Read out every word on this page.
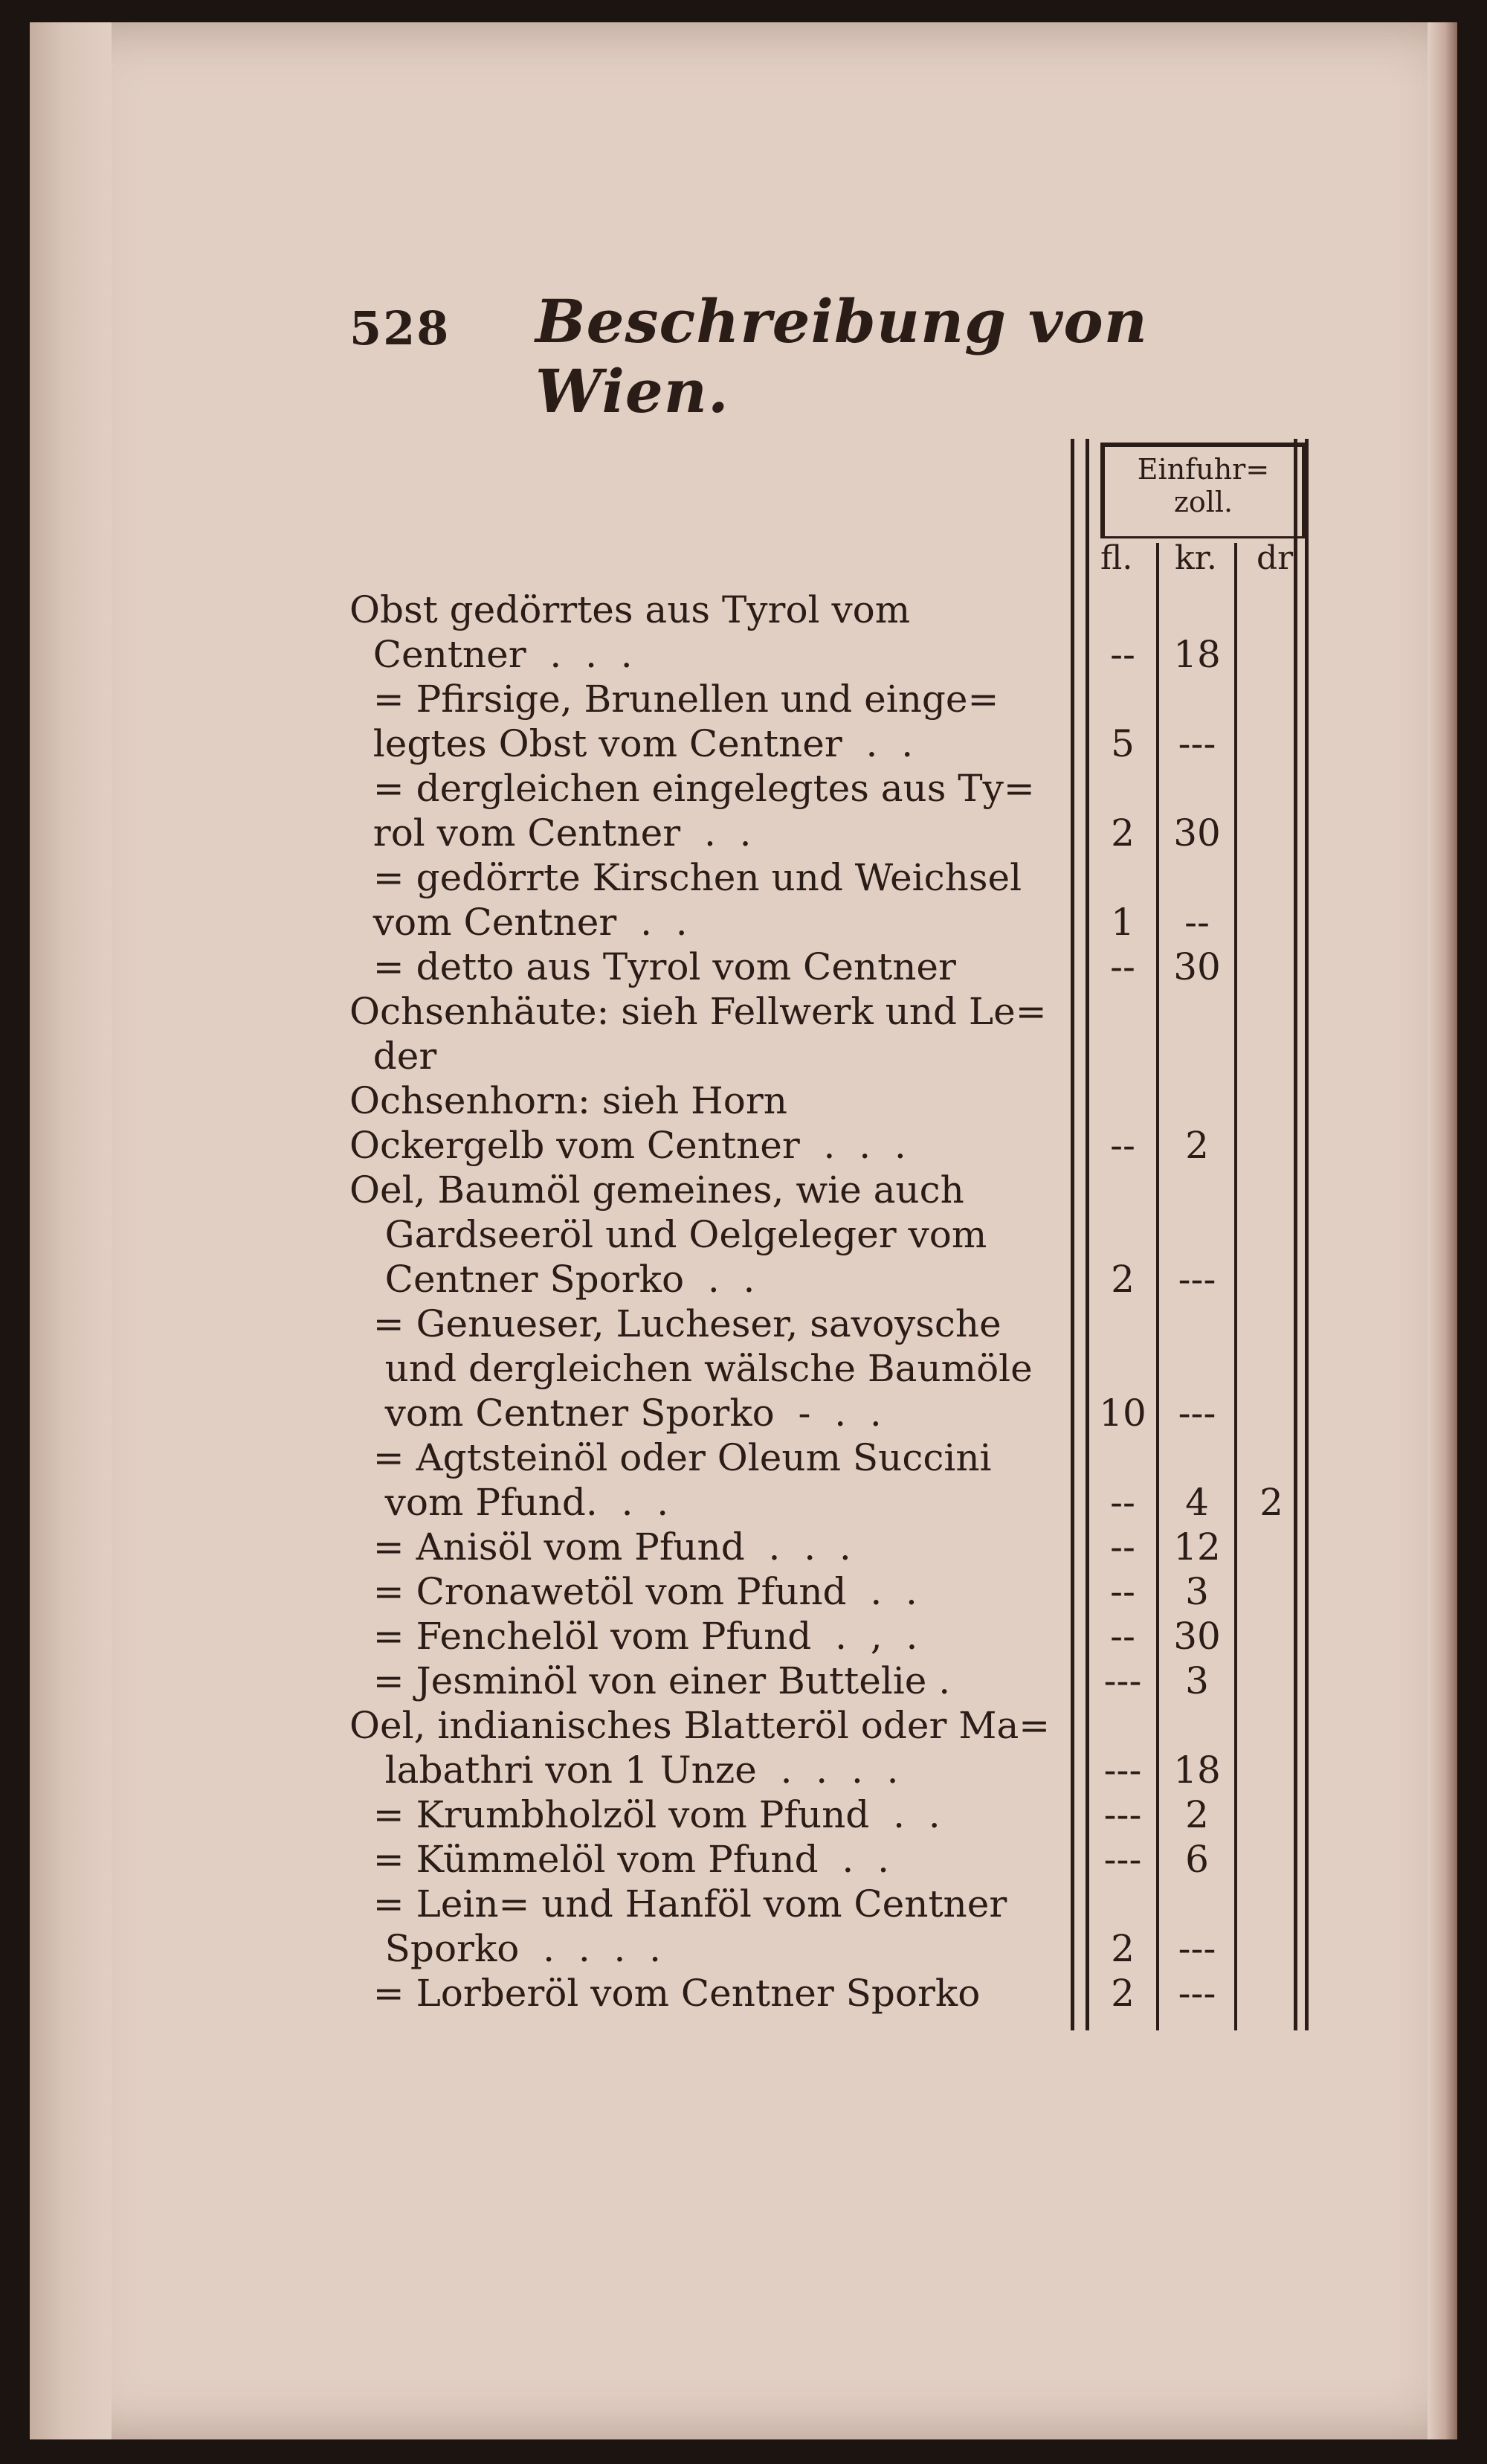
528 Beschreibung von Wien.
Einfuhr=
zoll.
fl. kr. dr
Obst gedörrtes aus Tyrol vom
Centner  .  .  .	--	18
= Pfirsige, Brunellen und einge=
legtes Obst vom Centner  .  .	5	---
= dergleichen eingelegtes aus Ty=
rol vom Centner  .  .	2	30
= gedörrte Kirschen und Weichsel
vom Centner  .  .	1	--
= detto aus Tyrol vom Centner	--	30
Ochsenhäute: sieh Fellwerk und Le=
der
Ochsenhorn: sieh Horn
Ockergelb vom Centner  .  .  .	--	2
Oel, Baumöl gemeines, wie auch
Gardseeröl und Oelgeleger vom
Centner Sporko  .  .	2	---
= Genueser, Lucheser, savoysche
und dergleichen wälsche Baumöle
vom Centner Sporko  -  .  .	10 ---
= Agtsteinöl oder Oleum Succini
vom Pfund.  .  .	--	4	2
= Anisöl vom Pfund  .  .  .	--	12
= Cronawetöl vom Pfund  .  .	--	3
= Fenchelöl vom Pfund  .  ,  .	--	30
= Jesminöl von einer Buttelie .	---	3
Oel, indianisches Blatteröl oder Ma=
labathri von 1 Unze  .  .  .  .	--- 18
= Krumbholzöl vom Pfund  .  .	---	2
= Kümmelöl vom Pfund  .  .	---	6
= Lein= und Hanföl vom Centner
Sporko  .  .  .  .	2	---
= Lorberöl vom Centner Sporko	2	---
